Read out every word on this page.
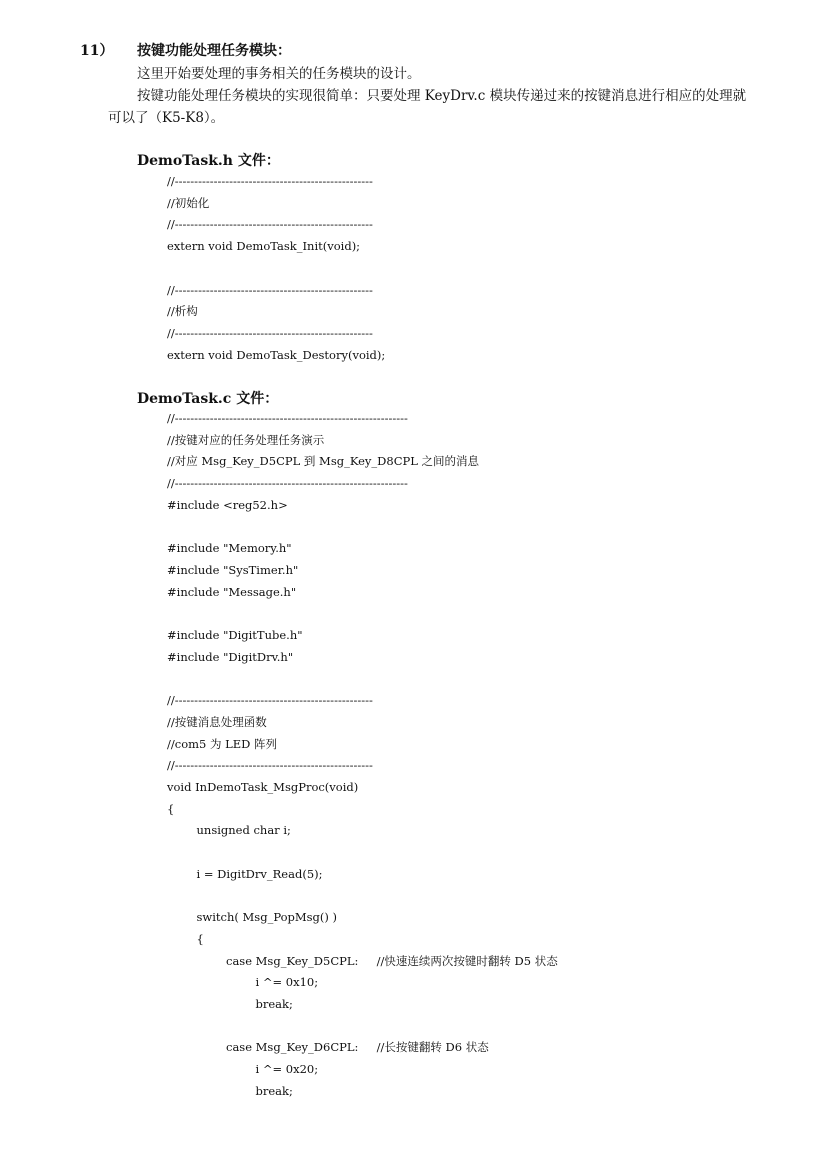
11） 按键功能处理任务模块：
这里开始要处理的事务相关的任务模块的设计。
按键功能处理任务模块的实现很简单：只要处理 KeyDrv.c 模块传递过来的按键消息进行相应的处理就
可以了（K5-K8）。
DemoTask.h 文件：
//---------------------------------------------------
//初始化
//---------------------------------------------------
extern void DemoTask_Init(void);
//---------------------------------------------------
//析构
//---------------------------------------------------
extern void DemoTask_Destory(void);
DemoTask.c 文件：
//------------------------------------------------------------
//按键对应的任务处理任务演示
//对应 Msg_Key_D5CPL 到 Msg_Key_D8CPL 之间的消息
//------------------------------------------------------------
#include <reg52.h>
#include "Memory.h"
#include "SysTimer.h"
#include "Message.h"
#include "DigitTube.h"
#include "DigitDrv.h"
//---------------------------------------------------
//按键消息处理函数
//com5 为 LED 阵列
//---------------------------------------------------
void InDemoTask_MsgProc(void)
{
unsigned char i;
i = DigitDrv_Read(5);
switch( Msg_PopMsg() )
{
case Msg_Key_D5CPL:     //快速连续两次按键时翻转 D5 状态
i ^= 0x10;
break;
case Msg_Key_D6CPL:     //长按键翻转 D6 状态
i ^= 0x20;
break;
